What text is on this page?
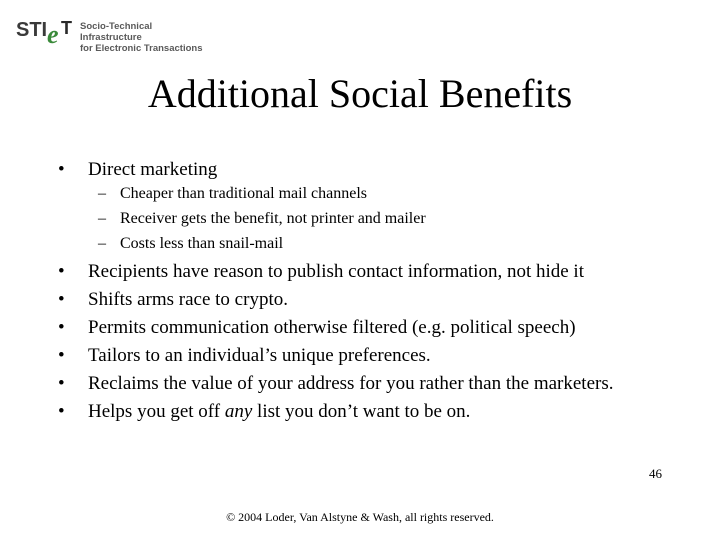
STI e T Socio-Technical Infrastructure
for Electronic Transactions
Additional Social Benefits
• Direct marketing
– Cheaper than traditional mail channels
– Receiver gets the benefit, not printer and mailer
– Costs less than snail-mail
• Recipients have reason to publish contact information, not hide it
• Shifts arms race to crypto.
• Permits communication otherwise filtered (e.g. political speech)
• Tailors to an individual’s unique preferences.
• Reclaims the value of your address for you rather than the marketers.
• Helps you get off any list you don’t want to be on.
46
© 2004 Loder, Van Alstyne & Wash, all rights reserved.
